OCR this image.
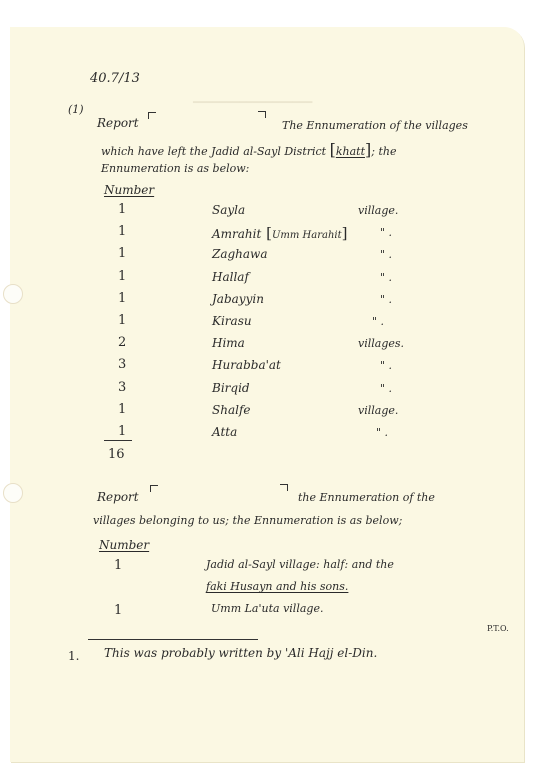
━━━━━━━━━━━━━━━━━━
40.7/13
(1)
Report	The Ennumeration of the villages
which have left the Jadid al-Sayl District [khatt]; the
Ennumeration is as below:
Number
1	Sayla	village.
1	Amrahit [Umm Harahit]	" .
1	Zaghawa	" .
1	Hallaf	" .
1	Jabayyin	" .
1	Kirasu	" .
2	Hima	villages.
3	Hurabba'at	" .
3	Birqid	" .
1	Shalfe	village.
1	Atta	" .
16
Report	the Ennumeration of the
villages belonging to us; the Ennumeration is as below;
Number
1	Jadid al-Sayl village: half: and the
faki Husayn and his sons.
1	Umm La'uta village.
P.T.O.
1. This was probably written by 'Ali Hajj el-Din.
